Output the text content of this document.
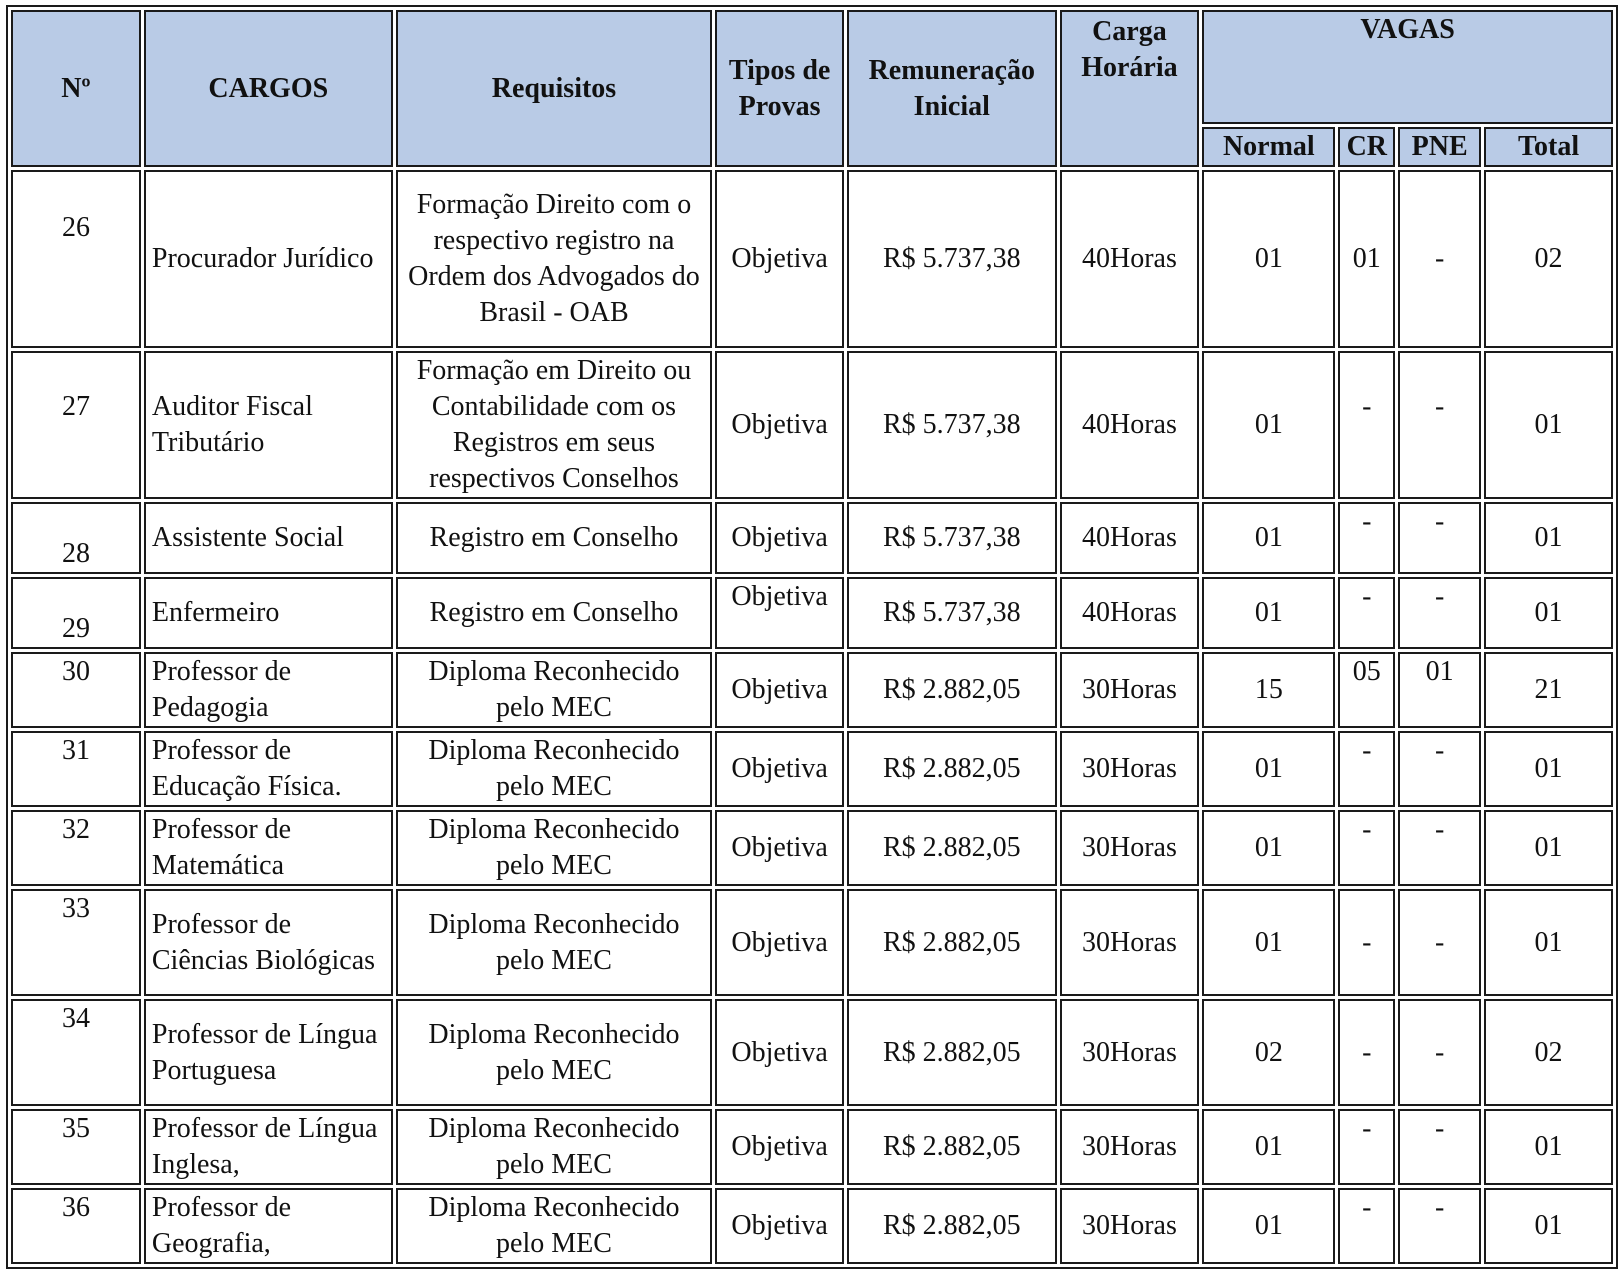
Nº	CARGOS	Requisitos	Tipos de Provas	Remuneração Inicial	Carga Horária	VAGAS			
						Normal	CR	PNE	Total
26	Procurador Jurídico	Formação Direito com o respectivo registro na Ordem dos Advogados do Brasil - OAB	Objetiva	R$ 5.737,38	40Horas	01	01	-	02
27	Auditor Fiscal Tributário	Formação em Direito ou Contabilidade com os Registros em seus respectivos Conselhos	Objetiva	R$ 5.737,38	40Horas	01	-	-	01
28	Assistente Social	Registro em Conselho	Objetiva	R$ 5.737,38	40Horas	01	-	-	01
29	Enfermeiro	Registro em Conselho	Objetiva	R$ 5.737,38	40Horas	01	-	-	01
30	Professor de Pedagogia	Diploma Reconhecido pelo MEC	Objetiva	R$ 2.882,05	30Horas	15	05	01	21
31	Professor de Educação Física.	Diploma Reconhecido pelo MEC	Objetiva	R$ 2.882,05	30Horas	01	-	-	01
32	Professor de Matemática	Diploma Reconhecido pelo MEC	Objetiva	R$ 2.882,05	30Horas	01	-	-	01
33	Professor de Ciências Biológicas	Diploma Reconhecido pelo MEC	Objetiva	R$ 2.882,05	30Horas	01	-	-	01
34	Professor de Língua Portuguesa	Diploma Reconhecido pelo MEC	Objetiva	R$ 2.882,05	30Horas	02	-	-	02
35	Professor de Língua Inglesa,	Diploma Reconhecido pelo MEC	Objetiva	R$ 2.882,05	30Horas	01	-	-	01
36	Professor de Geografia,	Diploma Reconhecido pelo MEC	Objetiva	R$ 2.882,05	30Horas	01	-	-	01
